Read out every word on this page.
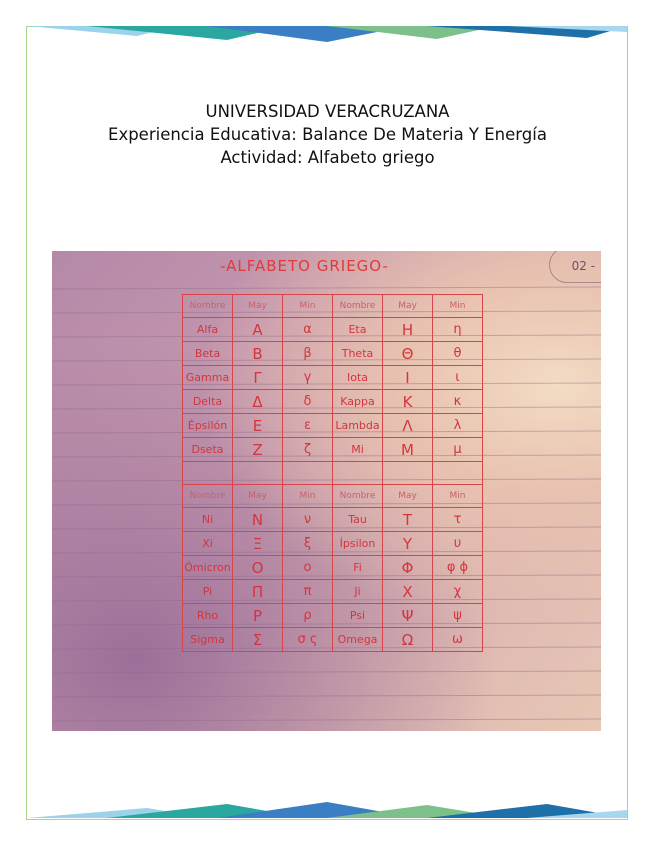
UNIVERSIDAD VERACRUZANA
Experiencia Educativa: Balance De Materia Y Energía
Actividad: Alfabeto griego
-ALFABETO GRIEGO-	02 -
Nombre	May	Min	Nombre	May	Min
Alfa	A	α	Eta	H	η
Beta	B	β	Theta	Θ	θ
Gamma	Γ	γ	Iota	I	ι
Delta	Δ	δ	Kappa	K	κ
Épsilón	E	ε	Lambda	Λ	λ
Dseta	Z	ζ	Mi	M	μ

Nombre	May	Min	Nombre	May	Min
Ni	N	ν	Tau	T	τ
Xi	Ξ	ξ	Ípsilon	Y	υ
Ómicron	O	o	Fi	Φ	φ ϕ
Pi	Π	π	Ji	X	χ
Rho	P	ρ	Psi	Ψ	ψ
Sigma	Σ	σ ς	Omega	Ω	ω
